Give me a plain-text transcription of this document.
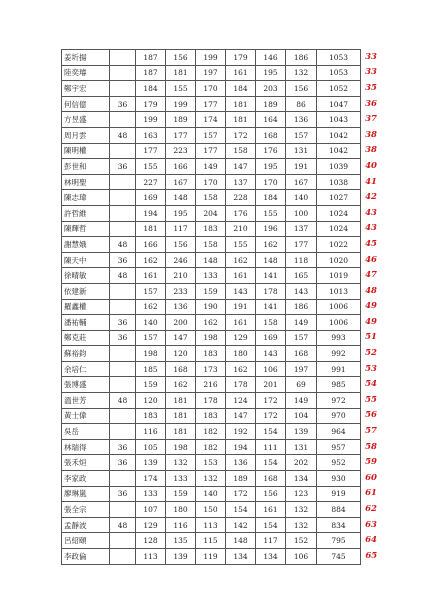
姜圻揚		187	156	199	179	146	186	1053	33
陸奕璿		187	181	197	161	195	132	1053	33
鄭宇宏		184	155	170	184	203	156	1052	35
何信億	36	179	199	177	181	189	86	1047	36
方昱盛		199	189	174	181	164	136	1043	37
周月雲	48	163	177	157	172	168	157	1042	38
陳明權		177	223	177	158	176	131	1042	38
彭世和	36	155	166	149	147	195	191	1039	40
林明聖		227	167	170	137	170	167	1038	41
陳志瑋		169	148	158	228	184	140	1027	42
許哲維		194	195	204	176	155	100	1024	43
陳輝哲		181	117	183	210	196	137	1024	43
謝慧娥	48	166	156	158	155	162	177	1022	45
陳天中	36	162	246	148	162	148	118	1020	46
徐晴敏	48	161	210	133	161	141	165	1019	47
依建新		157	233	159	143	178	143	1013	48
羅鑫權		162	136	190	191	141	186	1006	49
潘祐輔	36	140	200	162	161	158	149	1006	49
鄭克莊	36	157	147	198	129	169	157	993	51
蘇裕鈞		198	120	183	180	143	168	992	52
余培仁		185	168	173	162	106	197	991	53
張博盛		159	162	216	178	201	69	985	54
溫世芳	48	120	181	178	124	172	149	972	55
黃士偉		183	181	183	147	172	104	970	56
吳岳		116	181	182	192	154	139	964	57
林瑞得	36	105	198	182	194	111	131	957	58
張禾烜	36	139	132	153	136	154	202	952	59
李家政		174	133	132	189	168	134	930	60
廖琳嵐	36	133	159	140	172	156	123	919	61
張全宗		107	180	150	154	161	132	884	62
孟靜波	48	129	116	113	142	154	132	834	63
呂紹頤		128	135	115	148	117	152	795	64
李政倫		113	139	119	134	134	106	745	65
